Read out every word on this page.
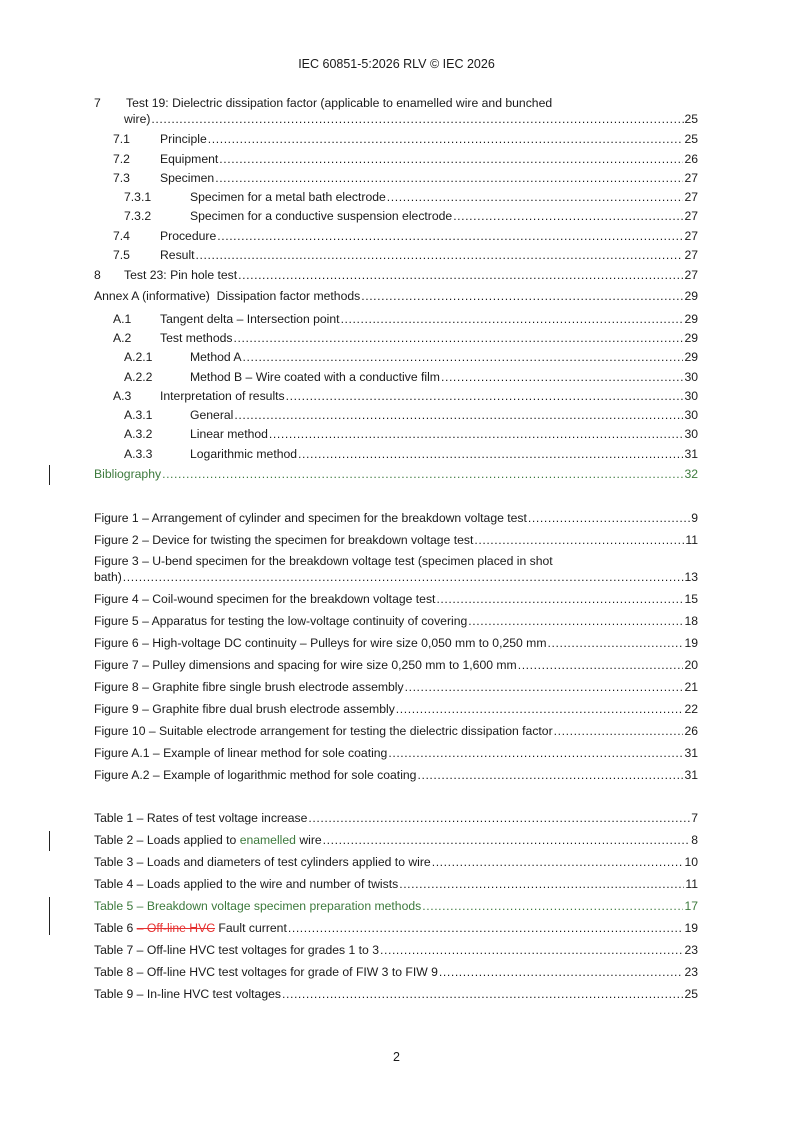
IEC 60851-5:2026 RLV © IEC 2026
7 Test 19: Dielectric dissipation factor (applicable to enamelled wire and bunched
wire) .....	25
7.1 Principle .....	25
7.2 Equipment .....	26
7.3 Specimen .....	27
7.3.1	Specimen for a metal bath electrode .....	27
7.3.2	Specimen for a conductive suspension electrode .....	27
7.4 Procedure .....	27
7.5 Result .....	27
8 Test 23: Pin hole test .....	27
Annex A (informative)  Dissipation factor methods .....	29
A.1 Tangent delta – Intersection point .....	29
A.2 Test methods .....	29
A.2.1	Method A .....	29
A.2.2	Method B – Wire coated with a conductive film .....	30
A.3 Interpretation of results .....	30
A.3.1	General .....	30
A.3.2	Linear method .....	30
A.3.3	Logarithmic method .....	31
Bibliography .....	32
Figure 1 – Arrangement of cylinder and specimen for the breakdown voltage test .....	9
Figure 2 – Device for twisting the specimen for breakdown voltage test .....	11
Figure 3 – U-bend specimen for the breakdown voltage test (specimen placed in shot
bath) .....	13
Figure 4 – Coil-wound specimen for the breakdown voltage test .....	15
Figure 5 – Apparatus for testing the low-voltage continuity of covering .....	18
Figure 6 – High-voltage DC continuity – Pulleys for wire size 0,050 mm to 0,250 mm .....	19
Figure 7 – Pulley dimensions and spacing for wire size 0,250 mm to 1,600 mm .....	20
Figure 8 – Graphite fibre single brush electrode assembly .....	21
Figure 9 – Graphite fibre dual brush electrode assembly .....	22
Figure 10 – Suitable electrode arrangement for testing the dielectric dissipation factor .....	26
Figure A.1 – Example of linear method for sole coating .....	31
Figure A.2 – Example of logarithmic method for sole coating .....	31
Table 1 – Rates of test voltage increase .....	7
Table 2 – Loads applied to enamelled wire .....	8
Table 3 – Loads and diameters of test cylinders applied to wire .....	10
Table 4 – Loads applied to the wire and number of twists .....	11
Table 5 – Breakdown voltage specimen preparation methods .....	17
Table 6 – Off-line HVC Fault current .....	19
Table 7 – Off-line HVC test voltages for grades 1 to 3 .....	23
Table 8 – Off-line HVC test voltages for grade of FIW 3 to FIW 9 .....	23
Table 9 – In-line HVC test voltages .....	25
2
